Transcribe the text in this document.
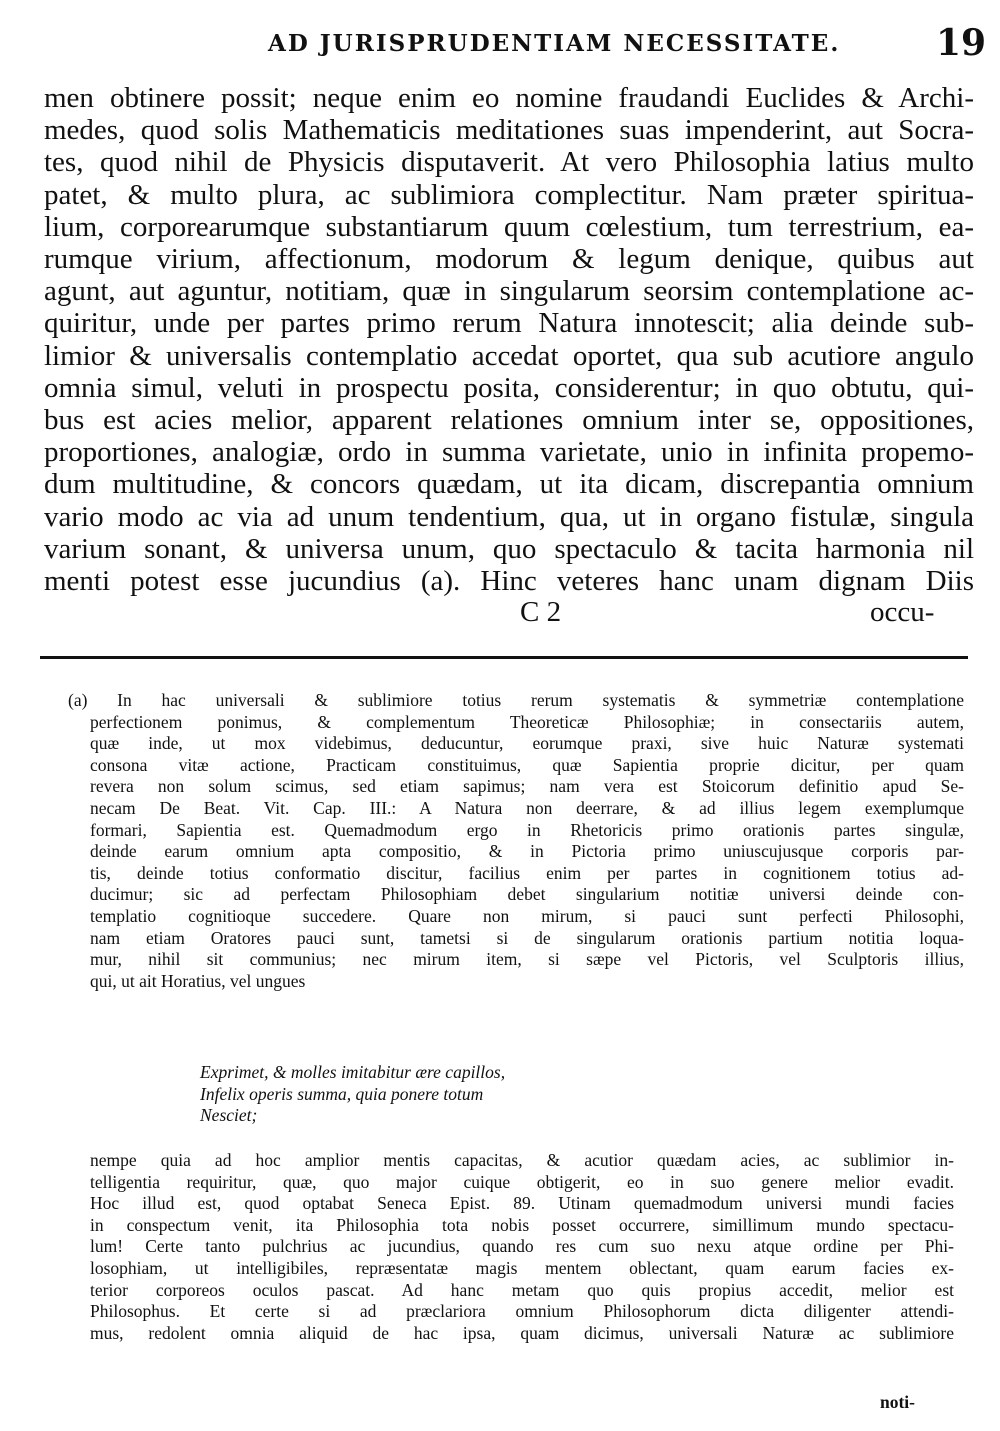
AD JURISPRUDENTIAM NECESSITATE.	19
men obtinere possit; neque enim eo nomine fraudandi Euclides & Archi-
medes, quod solis Mathematicis meditationes suas impenderint, aut Socra-
tes, quod nihil de Physicis disputaverit. At vero Philosophia latius multo
patet, & multo plura, ac sublimiora complectitur. Nam præter spiritua-
lium, corporearumque substantiarum quum cœlestium, tum terrestrium, ea-
rumque virium, affectionum, modorum & legum denique, quibus aut
agunt, aut aguntur, notitiam, quæ in singularum seorsim contemplatione ac-
quiritur, unde per partes primo rerum Natura innotescit; alia deinde sub-
limior & universalis contemplatio accedat oportet, qua sub acutiore angulo
omnia simul, veluti in prospectu posita, considerentur; in quo obtutu, qui-
bus est acies melior, apparent relationes omnium inter se, oppositiones,
proportiones, analogiæ, ordo in summa varietate, unio in infinita propemo-
dum multitudine, & concors quædam, ut ita dicam, discrepantia omnium
vario modo ac via ad unum tendentium, qua, ut in organo fistulæ, singula
varium sonant, & universa unum, quo spectaculo & tacita harmonia nil
menti potest esse jucundius (a). Hinc veteres hanc unam dignam Diis
C 2	occu-
(a) In hac universali & sublimiore totius rerum systematis & symmetriæ contemplatione
perfectionem ponimus, & complementum Theoreticæ Philosophiæ; in consectariis autem,
quæ inde, ut mox videbimus, deducuntur, eorumque praxi, sive huic Naturæ systemati
consona vitæ actione, Practicam constituimus, quæ Sapientia proprie dicitur, per quam
revera non solum scimus, sed etiam sapimus; nam vera est Stoicorum definitio apud Se-
necam De Beat. Vit. Cap. III.: A Natura non deerrare, & ad illius legem exemplumque
formari, Sapientia est. Quemadmodum ergo in Rhetoricis primo orationis partes singulæ,
deinde earum omnium apta compositio, & in Pictoria primo uniuscujusque corporis par-
tis, deinde totius conformatio discitur, facilius enim per partes in cognitionem totius ad-
ducimur; sic ad perfectam Philosophiam debet singularium notitiæ universi deinde con-
templatio cognitioque succedere. Quare non mirum, si pauci sunt perfecti Philosophi,
nam etiam Oratores pauci sunt, tametsi si de singularum orationis partium notitia loqua-
mur, nihil sit communius; nec mirum item, si sæpe vel Pictoris, vel Sculptoris illius,
qui, ut ait Horatius, vel ungues
Exprimet, & molles imitabitur ære capillos,
Infelix operis summa, quia ponere totum
Nesciet;
nempe quia ad hoc amplior mentis capacitas, & acutior quædam acies, ac sublimior in-
telligentia requiritur, quæ, quo major cuique obtigerit, eo in suo genere melior evadit.
Hoc illud est, quod optabat Seneca Epist. 89. Utinam quemadmodum universi mundi facies
in conspectum venit, ita Philosophia tota nobis posset occurrere, simillimum mundo spectacu-
lum! Certe tanto pulchrius ac jucundius, quando res cum suo nexu atque ordine per Phi-
losophiam, ut intelligibiles, repræsentatæ magis mentem oblectant, quam earum facies ex-
terior corporeos oculos pascat. Ad hanc metam quo quis propius accedit, melior est
Philosophus. Et certe si ad præclariora omnium Philosophorum dicta diligenter attendi-
mus, redolent omnia aliquid de hac ipsa, quam dicimus, universali Naturæ ac sublimiore
noti-
